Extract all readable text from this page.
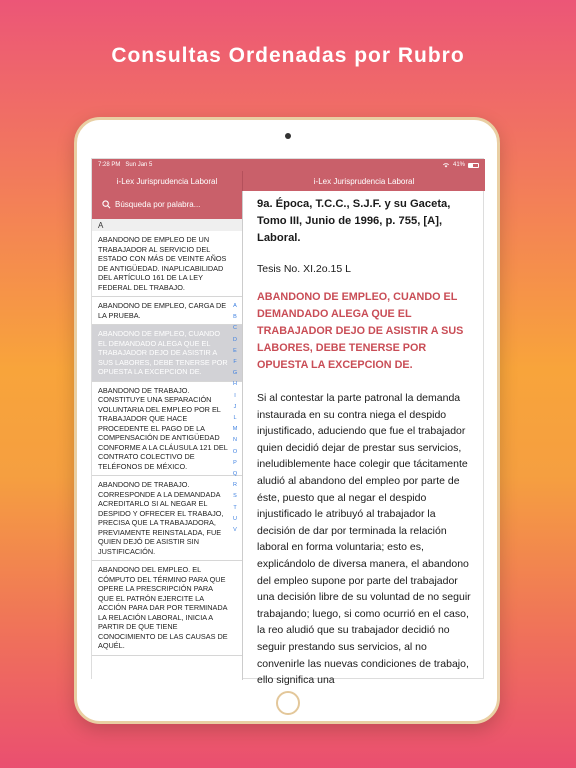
Consultas Ordenadas por Rubro
7:28 PM Sun Jan 5	41%
i-Lex Jurisprudencia Laboral	i-Lex Jurisprudencia Laboral
Búsqueda por palabra...
A
ABANDONO DE EMPLEO DE UN TRABAJADOR AL SERVICIO DEL ESTADO CON MÁS DE VEINTE AÑOS DE ANTIGÜEDAD. INAPLICABILIDAD DEL ARTÍCULO 161 DE LA LEY FEDERAL DEL TRABAJO.
ABANDONO DE EMPLEO, CARGA DE LA PRUEBA.
ABANDONO DE EMPLEO, CUANDO EL DEMANDADO ALEGA QUE EL TRABAJADOR DEJO DE ASISTIR A SUS LABORES, DEBE TENERSE POR OPUESTA LA EXCEPCION DE.
ABANDONO DE TRABAJO. CONSTITUYE UNA SEPARACIÓN VOLUNTARIA DEL EMPLEO POR EL TRABAJADOR QUE HACE PROCEDENTE EL PAGO DE LA COMPENSACIÓN DE ANTIGÜEDAD CONFORME A LA CLÁUSULA 121 DEL CONTRATO COLECTIVO DE TELÉFONOS DE MÉXICO.
ABANDONO DE TRABAJO. CORRESPONDE A LA DEMANDADA ACREDITARLO SI AL NEGAR EL DESPIDO Y OFRECER EL TRABAJO, PRECISA QUE LA TRABAJADORA, PREVIAMENTE REINSTALADA, FUE QUIEN DEJÓ DE ASISTIR SIN JUSTIFICACIÓN.
ABANDONO DEL EMPLEO. EL CÓMPUTO DEL TÉRMINO PARA QUE OPERE LA PRESCRIPCIÓN PARA QUE EL PATRÓN EJERCITE LA ACCIÓN PARA DAR POR TERMINADA LA RELACIÓN LABORAL, INICIA A PARTIR DE QUE TIENE CONOCIMIENTO DE LAS CAUSAS DE AQUÉL.
A
B
C
D
E
F
G
H
I
J
L
M
N
O
P
Q
R
S
T
U
V
9a. Época, T.C.C., S.J.F. y su Gaceta, Tomo III, Junio de 1996, p. 755, [A], Laboral.
Tesis No. XI.2o.15 L
ABANDONO DE EMPLEO, CUANDO EL DEMANDADO ALEGA QUE EL TRABAJADOR DEJO DE ASISTIR A SUS LABORES, DEBE TENERSE POR OPUESTA LA EXCEPCION DE.
Si al contestar la parte patronal la demanda instaurada en su contra niega el despido injustificado, aduciendo que fue el trabajador quien decidió dejar de prestar sus servicios, ineludiblemente hace colegir que tácitamente aludió al abandono del empleo por parte de éste, puesto que al negar el despido injustificado le atribuyó al trabajador la decisión de dar por terminada la relación laboral en forma voluntaria; esto es, explicándolo de diversa manera, el abandono del empleo supone por parte del trabajador una decisión libre de su voluntad de no seguir trabajando; luego, si como ocurrió en el caso, la reo aludió que su trabajador decidió no seguir prestando sus servicios, al no convenirle las nuevas condiciones de trabajo, ello significa una
